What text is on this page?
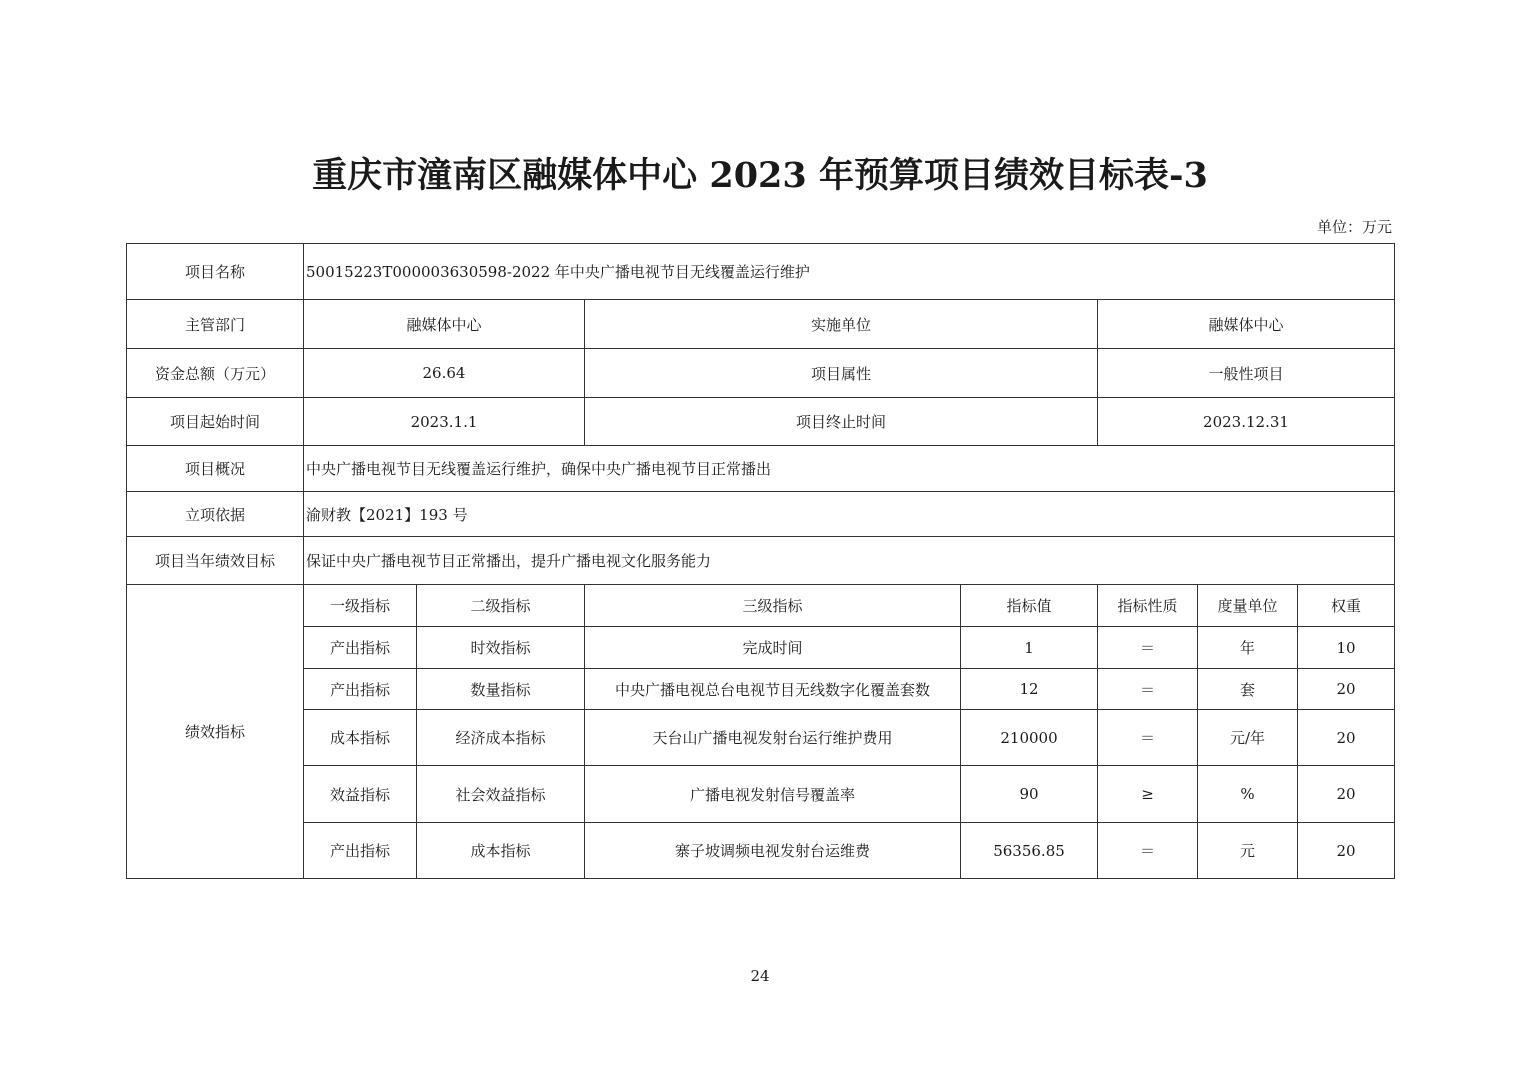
重庆市潼南区融媒体中心 2023 年预算项目绩效目标表-3
单位：万元
项目名称	50015223T000003630598-2022 年中央广播电视节目无线覆盖运行维护						
主管部门	融媒体中心		实施单位		融媒体中心		
资金总额（万元）	26.64		项目属性		一般性项目		
项目起始时间	2023.1.1		项目终止时间		2023.12.31		
项目概况	中央广播电视节目无线覆盖运行维护，确保中央广播电视节目正常播出						
立项依据	渝财教【2021】193 号						
项目当年绩效目标	保证中央广播电视节目正常播出，提升广播电视文化服务能力						
绩效指标	一级指标	二级指标	三级指标	指标值	指标性质	度量单位	权重
	产出指标	时效指标	完成时间	1	＝	年	10
	产出指标	数量指标	中央广播电视总台电视节目无线数字化覆盖套数	12	＝	套	20
	成本指标	经济成本指标	天台山广播电视发射台运行维护费用	210000	＝	元/年	20
	效益指标	社会效益指标	广播电视发射信号覆盖率	90	≥	%	20
	产出指标	成本指标	寨子坡调频电视发射台运维费	56356.85	＝	元	20
24
